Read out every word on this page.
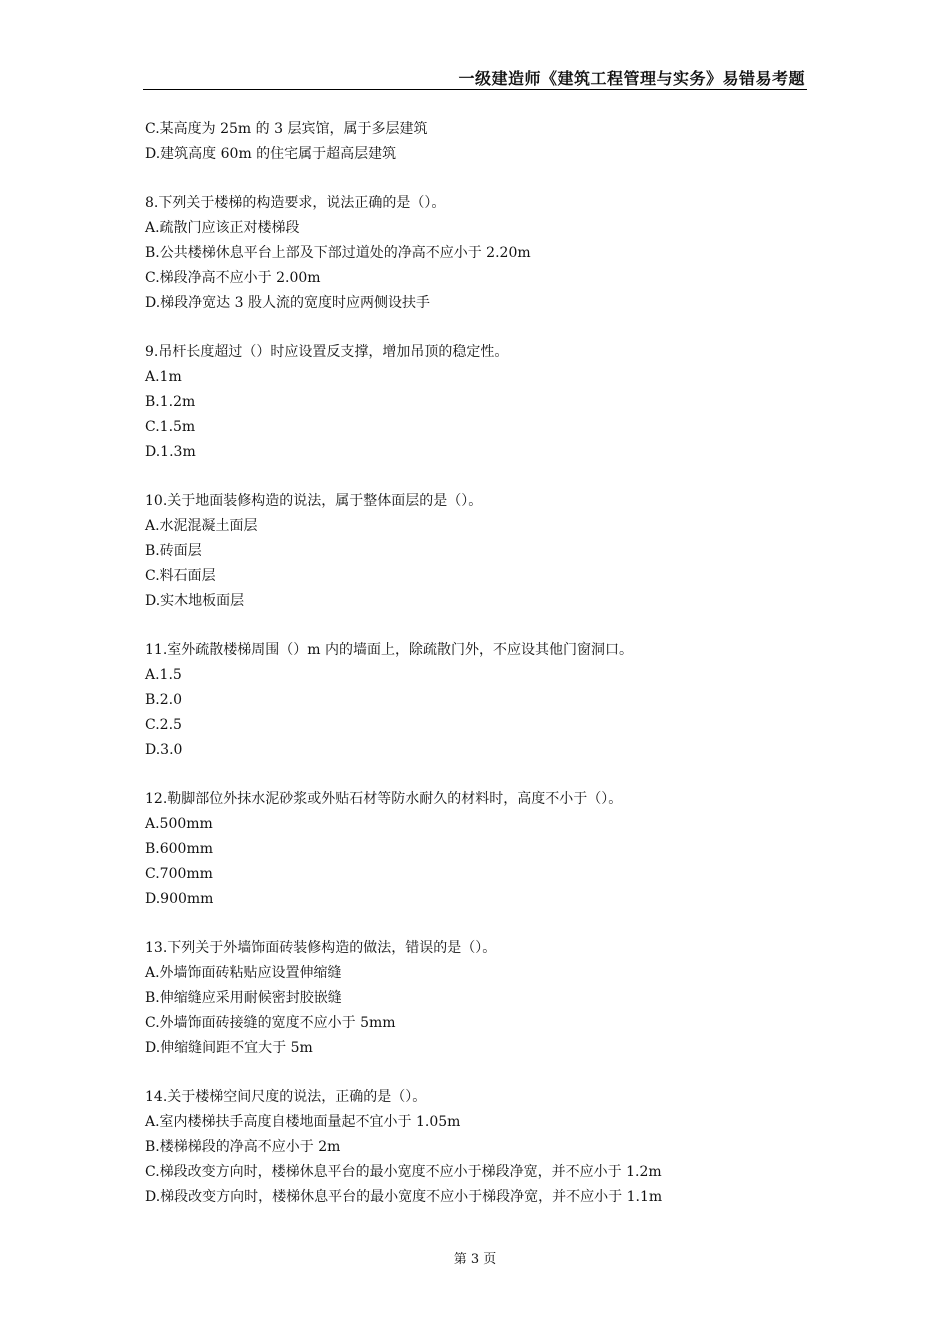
一级建造师《建筑工程管理与实务》易错易考题
C.某高度为 25m 的 3 层宾馆，属于多层建筑
D.建筑高度 60m 的住宅属于超高层建筑
8.下列关于楼梯的构造要求，说法正确的是（）。
A.疏散门应该正对楼梯段
B.公共楼梯休息平台上部及下部过道处的净高不应小于 2.20m
C.梯段净高不应小于 2.00m
D.梯段净宽达 3 股人流的宽度时应两侧设扶手
9.吊杆长度超过（）时应设置反支撑，增加吊顶的稳定性。
A.1m
B.1.2m
C.1.5m
D.1.3m
10.关于地面装修构造的说法，属于整体面层的是（）。
A.水泥混凝土面层
B.砖面层
C.料石面层
D.实木地板面层
11.室外疏散楼梯周围（）m 内的墙面上，除疏散门外，不应设其他门窗洞口。
A.1.5
B.2.0
C.2.5
D.3.0
12.勒脚部位外抹水泥砂浆或外贴石材等防水耐久的材料时，高度不小于（）。
A.500mm
B.600mm
C.700mm
D.900mm
13.下列关于外墙饰面砖装修构造的做法，错误的是（）。
A.外墙饰面砖粘贴应设置伸缩缝
B.伸缩缝应采用耐候密封胶嵌缝
C.外墙饰面砖接缝的宽度不应小于 5mm
D.伸缩缝间距不宜大于 5m
14.关于楼梯空间尺度的说法，正确的是（）。
A.室内楼梯扶手高度自楼地面量起不宜小于 1.05m
B.楼梯梯段的净高不应小于 2m
C.梯段改变方向时，楼梯休息平台的最小宽度不应小于梯段净宽，并不应小于 1.2m
D.梯段改变方向时，楼梯休息平台的最小宽度不应小于梯段净宽，并不应小于 1.1m
第 3 页
